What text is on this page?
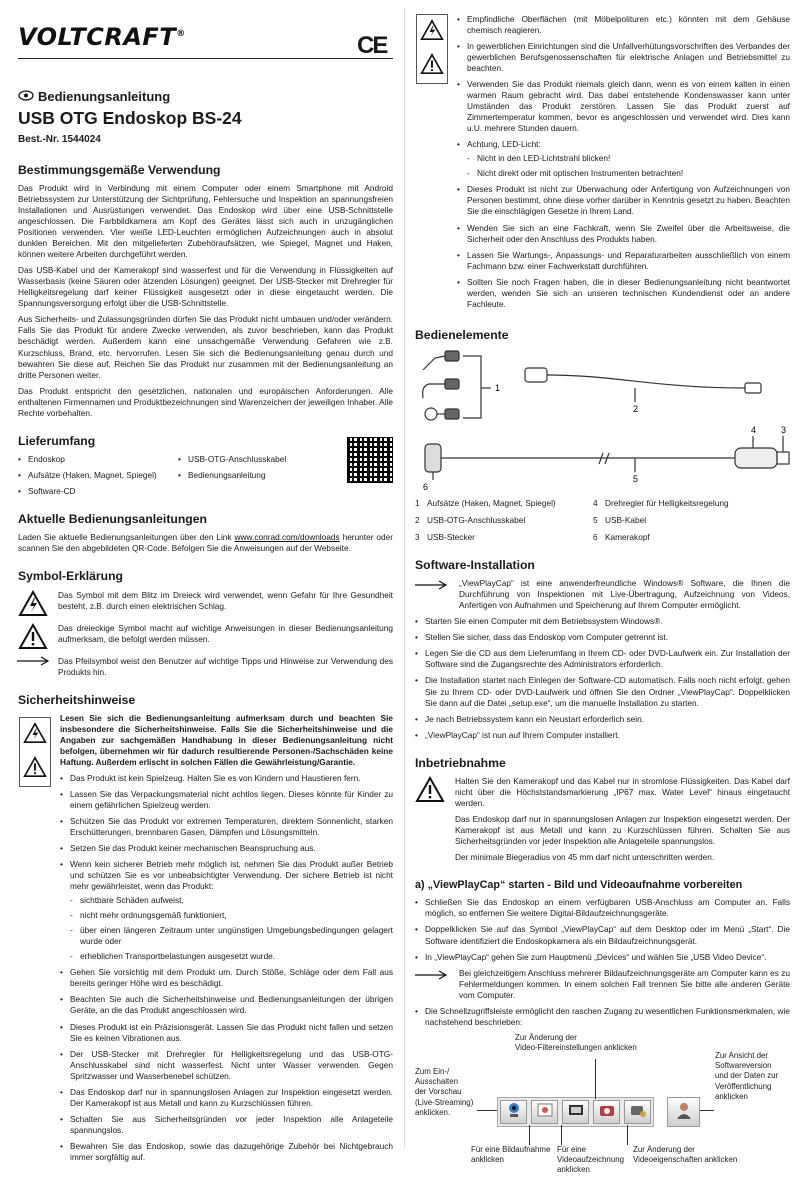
VOLTCRAFT®	CE
Bedienungsanleitung
USB OTG Endoskop BS-24
Best.-Nr. 1544024
Bestimmungsgemäße Verwendung

Das Produkt wird in Verbindung mit einem Computer oder einem Smartphone mit Android Betriebssystem zur Unterstützung der Sichtprüfung, Fehlersuche und Inspektion an spannungsfreien Installationen und Ausrüstungen verwendet. Das Endoskop wird über eine USB-Schnittstelle angeschlossen. Die Farbbildkamera am Kopf des Gerätes lässt sich auch in unzugänglichen Positionen verwenden. Vier weiße LED-Leuchten ermöglichen Aufzeichnungen auch in absolut dunklen Bereichen. Mit den mitgelieferten Zubehöraufsätzen, wie Spiegel, Magnet und Haken, können weitere Arbeiten durchgeführt werden.

Das USB-Kabel und der Kamerakopf sind wasserfest und für die Verwendung in Flüssigkeiten auf Wasserbasis (keine Säuren oder ätzenden Lösungen) geeignet. Der USB-Stecker mit Drehregler für Helligkeitsregelung darf keiner Flüssigkeit ausgesetzt oder in diese eingetaucht werden. Die Spannungsversorgung erfolgt über die USB-Schnittstelle.

Aus Sicherheits- und Zulassungsgründen dürfen Sie das Produkt nicht umbauen und/oder verändern. Falls Sie das Produkt für andere Zwecke verwenden, als zuvor beschrieben, kann das Produkt beschädigt werden. Außerdem kann eine unsachgemäße Verwendung Gefahren wie z.B. Kurzschluss, Brand, etc. hervorrufen. Lesen Sie sich die Bedienungsanleitung genau durch und bewahren Sie diese auf. Reichen Sie das Produkt nur zusammen mit der Bedienungsanleitung an dritte Personen weiter.

Das Produkt entspricht den gesetzlichen, nationalen und europäischen Anforderungen. Alle enthaltenen Firmennamen und Produktbezeichnungen sind Warenzeichen der jeweiligen Inhaber. Alle Rechte vorbehalten.

Lieferumfang
• Endoskop	• USB-OTG-Anschlusskabel
• Aufsätze (Haken, Magnet, Spiegel)	• Bedienungsanleitung
• Software-CD
Aktuelle Bedienungsanleitungen

Laden Sie aktuelle Bedienungsanleitungen über den Link www.conrad.com/downloads herunter oder scannen Sie den abgebildeten QR-Code. Befolgen Sie die Anweisungen auf der Webseite.

Symbol-Erklärung
Das Symbol mit dem Blitz im Dreieck wird verwendet, wenn Gefahr für Ihre Gesundheit besteht, z.B. durch einen elektrischen Schlag.
Das dreieckige Symbol macht auf wichtige Anweisungen in dieser Bedienungsanleitung aufmerksam, die befolgt werden müssen.
Das Pfeilsymbol weist den Benutzer auf wichtige Tipps und Hinweise zur Verwendung des Produkts hin.
Sicherheitshinweise

Lesen Sie sich die Bedienungsanleitung aufmerksam durch und beachten Sie insbesondere die Sicherheitshinweise. Falls Sie die Sicherheitshinweise und die Angaben zur sachgemäßen Handhabung in dieser Bedienungsanleitung nicht befolgen, übernehmen wir für dadurch resultierende Personen-/Sachschäden keine Haftung. Außerdem erlischt in solchen Fällen die Gewährleistung/Garantie.

• Das Produkt ist kein Spielzeug. Halten Sie es von Kindern und Haustieren fern.
• Lassen Sie das Verpackungsmaterial nicht achtlos liegen. Dieses könnte für Kinder zu einem gefährlichen Spielzeug werden.
• Schützen Sie das Produkt vor extremen Temperaturen, direktem Sonnenlicht, starken Erschütterungen, brennbaren Gasen, Dämpfen und Lösungsmitteln.
• Setzen Sie das Produkt keiner mechanischen Beanspruchung aus.
• Wenn kein sicherer Betrieb mehr möglich ist, nehmen Sie das Produkt außer Betrieb und schützen Sie es vor unbeabsichtigter Verwendung. Der sichere Betrieb ist nicht mehr gewährleistet, wenn das Produkt:
- sichtbare Schäden aufweist,
- nicht mehr ordnungsgemäß funktioniert,
- über einen längeren Zeitraum unter ungünstigen Umgebungsbedingungen gelagert wurde oder
- erheblichen Transportbelastungen ausgesetzt wurde.
• Gehen Sie vorsichtig mit dem Produkt um. Durch Stöße, Schläge oder dem Fall aus bereits geringer Höhe wird es beschädigt.
• Beachten Sie auch die Sicherheitshinweise und Bedienungsanleitungen der übrigen Geräte, an die das Produkt angeschlossen wird.
• Dieses Produkt ist ein Präzisionsgerät. Lassen Sie das Produkt nicht fallen und setzen Sie es keinen Vibrationen aus.
• Der USB-Stecker mit Drehregler für Helligkeitsregelung und das USB-OTG-Anschlusskabel sind nicht wasserfest. Nicht unter Wasser verwenden. Gegen Spritzwasser und Wasserbenebel schützen.
• Das Endoskop darf nur in spannungslosen Anlagen zur Inspektion eingesetzt werden. Der Kamerakopf ist aus Metall und kann zu Kurzschlüssen führen.
• Schalten Sie aus Sicherheitsgründen vor jeder Inspektion alle Anlageteile spannungslos.
• Bewahren Sie das Endoskop, sowie das dazugehörige Zubehör bei Nichtgebrauch immer sorgfältig auf.
• Empfindliche Oberflächen (mit Möbelpolituren etc.) könnten mit dem Gehäuse chemisch reagieren.
• In gewerblichen Einrichtungen sind die Unfallverhütungsvorschriften des Verbandes der gewerblichen Berufsgenossenschaften für elektrische Anlagen und Betriebsmittel zu beachten.
• Verwenden Sie das Produkt niemals gleich dann, wenn es von einem kalten in einen warmen Raum gebracht wird. Das dabei entstehende Kondenswasser kann unter Umständen das Produkt zerstören. Lassen Sie das Produkt zuerst auf Zimmertemperatur kommen, bevor es angeschlossen und verwendet wird. Dies kann u.U. mehrere Stunden dauern.
• Achtung, LED-Licht:
- Nicht in den LED-Lichtstrahl blicken!
- Nicht direkt oder mit optischen Instrumenten betrachten!
• Dieses Produkt ist nicht zur Überwachung oder Anfertigung von Aufzeichnungen von Personen bestimmt, ohne diese vorher darüber in Kenntnis gesetzt zu haben. Beachten Sie die einschlägigen Gesetze in Ihrem Land.
• Wenden Sie sich an eine Fachkraft, wenn Sie Zweifel über die Arbeitsweise, die Sicherheit oder den Anschluss des Produkts haben.
• Lassen Sie Wartungs-, Anpassungs- und Reparaturarbeiten ausschließlich von einem Fachmann bzw. einer Fachwerkstatt durchführen.
• Sollten Sie noch Fragen haben, die in dieser Bedienungsanleitung nicht beantwortet werden, wenden Sie sich an unseren technischen Kundendienst oder an andere Fachleute.
Bedienelemente
1
2
3
4
5
6
1 Aufsätze (Haken, Magnet, Spiegel)	4 Drehregler für Helligkeitsregelung
2 USB-OTG-Anschlusskabel	5 USB-Kabel
3 USB-Stecker	6 Kamerakopf
Software-Installation
„ViewPlayCap“ ist eine anwenderfreundliche Windows® Software, die Ihnen die Durchführung von Inspektionen mit Live-Übertragung, Aufzeichnung von Videos, Anfertigen von Aufnahmen und Speicherung auf Ihrem Computer ermöglicht.
• Starten Sie einen Computer mit dem Betriebssystem Windows®.
• Stellen Sie sicher, dass das Endoskop vom Computer getrennt ist.
• Legen Sie die CD aus dem Lieferumfang in Ihrem CD- oder DVD-Laufwerk ein. Zur Installation der Software sind die Zugangsrechte des Administrators erforderlich.
• Die Installation startet nach Einlegen der Software-CD automatisch. Falls noch nicht erfolgt, gehen Sie zu Ihrem CD- oder DVD-Laufwerk und öffnen Sie den Ordner „ViewPlayCap“. Doppelklicken Sie dann auf die Datei „setup.exe“, um die manuelle Installation zu starten.
• Je nach Betriebssystem kann ein Neustart erforderlich sein.
• „ViewPlayCap“ ist nun auf Ihrem Computer installiert.
Inbetriebnahme

Halten Sie den Kamerakopf und das Kabel nur in stromlose Flüssigkeiten. Das Kabel darf nicht über die Höchststandsmarkierung „IP67 max. Water Level“ hinaus eingetaucht werden.

Das Endoskop darf nur in spannungslosen Anlagen zur Inspektion eingesetzt werden. Der Kamerakopf ist aus Metall und kann zu Kurzschlüssen führen. Schalten Sie aus Sicherheitsgründen vor jeder Inspektion alle Anlageteile spannungslos.

Der minimale Biegeradius von 45 mm darf nicht unterschritten werden.

a) „ViewPlayCap“ starten - Bild und Videoaufnahme vorbereiten
• Schließen Sie das Endoskop an einem verfügbaren USB-Anschluss am Computer an. Falls möglich, so entfernen Sie weitere Digital-Bildaufzeichnungsgeräte.
• Doppelklicken Sie auf das Symbol „ViewPlayCap“ auf dem Desktop oder im Menü „Start“. Die Software identifiziert die Endoskopkamera als ein Bildaufzeichnungsgerät.
• In „ViewPlayCap“ gehen Sie zum Hauptmenü „Devices“ und wählen Sie „USB Video Device“.
Bei gleichzeitigem Anschluss mehrerer Bildaufzeichnungsgeräte am Computer kann es zu Fehlermeldungen kommen. In einem solchen Fall trennen Sie bitte alle anderen Geräte vom Computer.
• Die Schnellzugriffsleiste ermöglicht den raschen Zugang zu wesentlichen Funktionsmerkmalen, wie nachstehend beschrieben:
Zur Änderung der
Video-Filtereinstellungen anklicken
Zum Ein-/
Ausschalten
der Vorschau
(Live-Streaming)
anklicken.
Zur Ansicht der
Softwareversion
und der Daten zur
Veröffentlichung
anklicken
Für eine Bildaufnahme
anklicken
Für eine
Videoaufzeichnung
anklicken
Zur Änderung der
Videoeigenschaften anklicken
